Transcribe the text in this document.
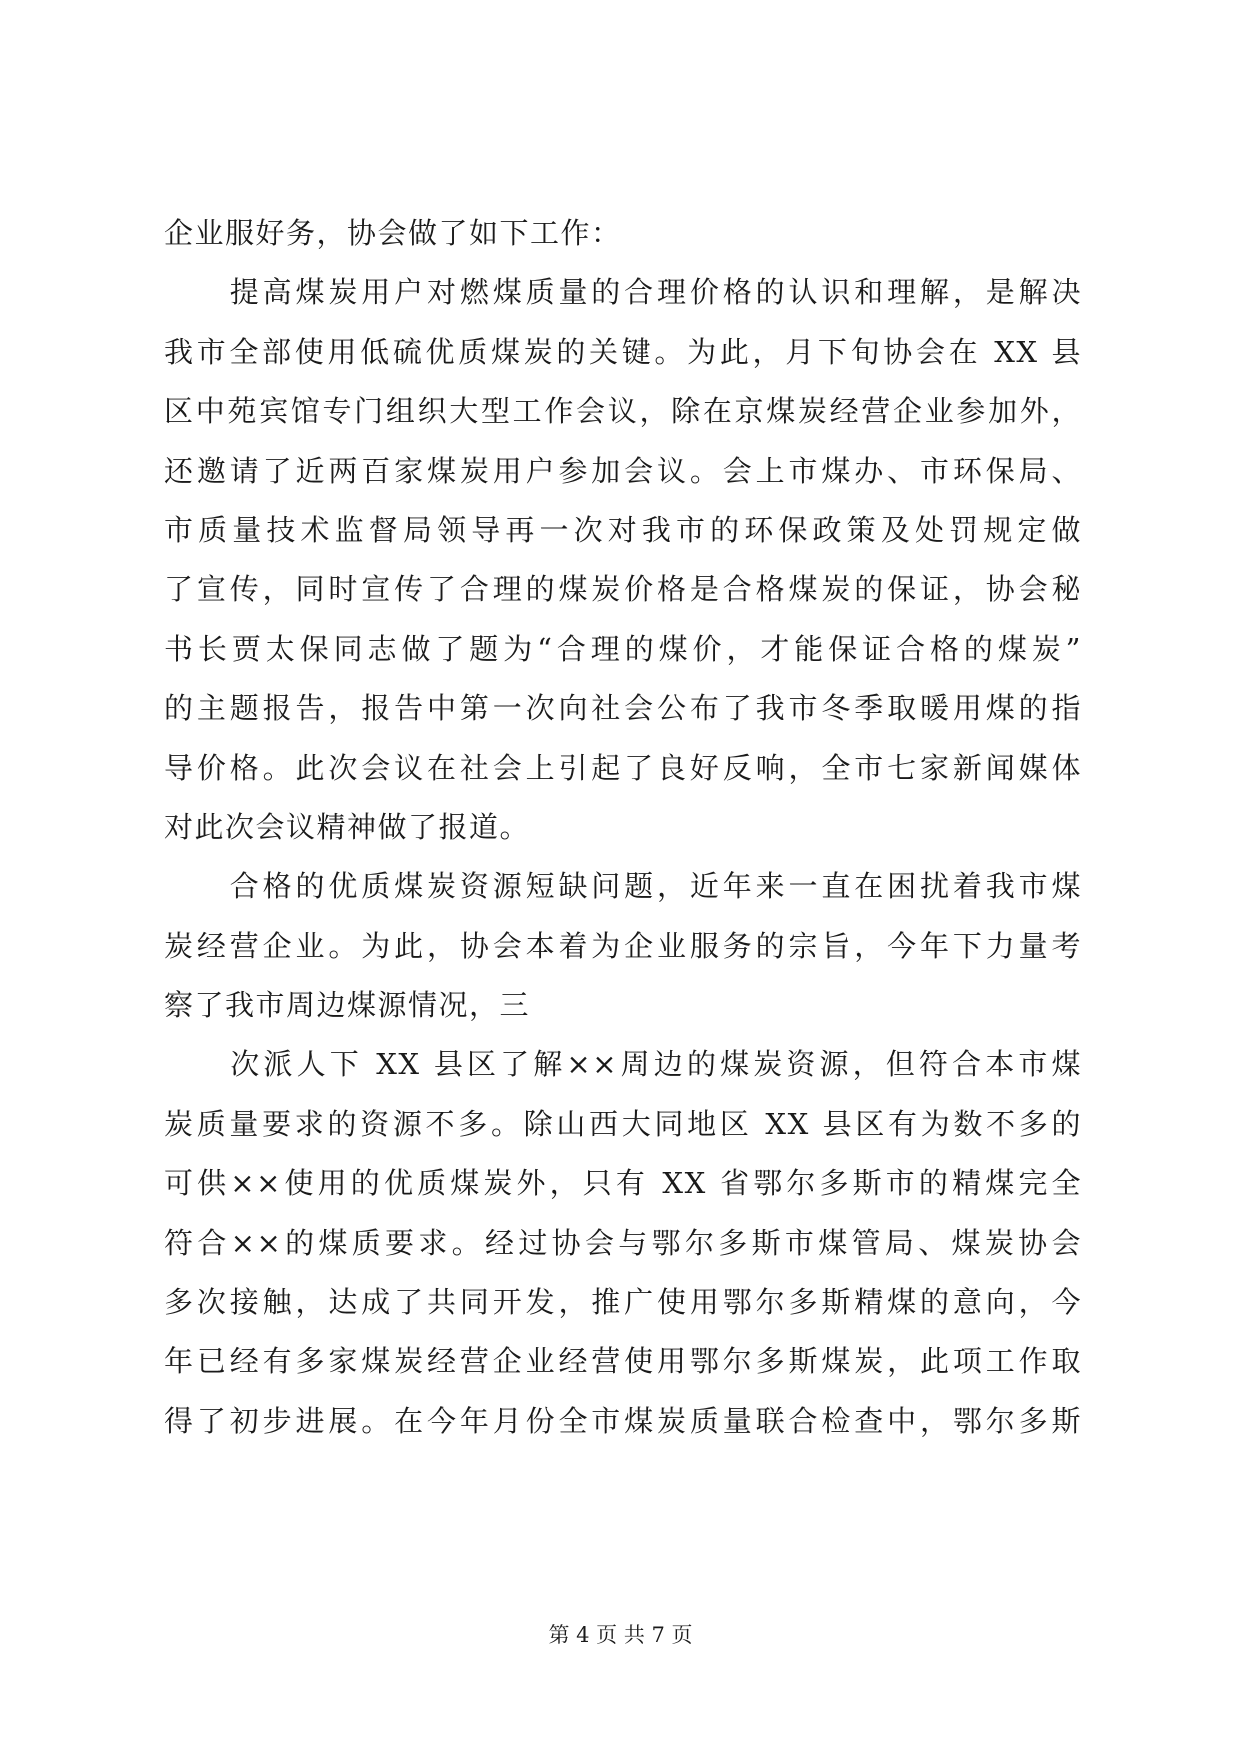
企业服好务，协会做了如下工作：
　　提高煤炭用户对燃煤质量的合理价格的认识和理解，是解决
我市全部使用低硫优质煤炭的关键。为此，月下旬协会在 XX 县
区中苑宾馆专门组织大型工作会议，除在京煤炭经营企业参加外，
还邀请了近两百家煤炭用户参加会议。会上市煤办、市环保局、
市质量技术监督局领导再一次对我市的环保政策及处罚规定做
了宣传，同时宣传了合理的煤炭价格是合格煤炭的保证，协会秘
书长贾太保同志做了题为“合理的煤价，才能保证合格的煤炭”
的主题报告，报告中第一次向社会公布了我市冬季取暖用煤的指
导价格。此次会议在社会上引起了良好反响，全市七家新闻媒体
对此次会议精神做了报道。
　　合格的优质煤炭资源短缺问题，近年来一直在困扰着我市煤
炭经营企业。为此，协会本着为企业服务的宗旨，今年下力量考
察了我市周边煤源情况，三
　　次派人下 XX 县区了解××周边的煤炭资源，但符合本市煤
炭质量要求的资源不多。除山西大同地区 XX 县区有为数不多的
可供××使用的优质煤炭外，只有 XX 省鄂尔多斯市的精煤完全
符合××的煤质要求。经过协会与鄂尔多斯市煤管局、煤炭协会
多次接触，达成了共同开发，推广使用鄂尔多斯精煤的意向，今
年已经有多家煤炭经营企业经营使用鄂尔多斯煤炭，此项工作取
得了初步进展。在今年月份全市煤炭质量联合检查中，鄂尔多斯
第 4 页 共 7 页
